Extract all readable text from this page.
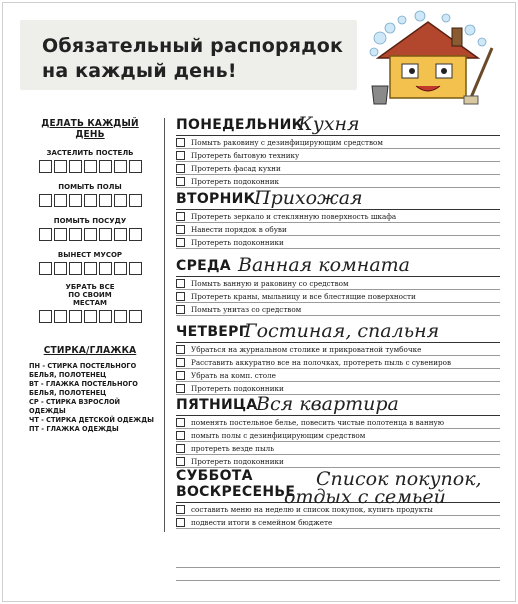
Обязательный распорядок
на каждый день!
ДЕЛАТЬ КАЖДЫЙ ДЕНЬ
ЗАСТЕЛИТЬ ПОСТЕЛЬ
ПОМЫТЬ ПОЛЫ
ПОМЫТЬ ПОСУДУ
ВЫНЕСТ МУСОР
УБРАТЬ ВСЕ ПО СВОИМ МЕСТАМ
СТИРКА/ГЛАЖКА
ПН - СТИРКА ПОСТЕЛЬНОГО БЕЛЬЯ, ПОЛОТЕНЕЦ
ВТ - ГЛАЖКА ПОСТЕЛЬНОГО БЕЛЬЯ, ПОЛОТЕНЕЦ
СР - СТИРКА ВЗРОСЛОЙ ОДЕЖДЫ
ЧТ - СТИРКА ДЕТСКОЙ ОДЕЖДЫ
ПТ - ГЛАЖКА ОДЕЖДЫ
ПОНЕДЕЛЬНИК
Кухня
Помыть раковину с дезинфицирующим средством
Протереть бытовую технику
Протереть фасад кухни
Протереть подоконник
ВТОРНИК
Прихожая
Протереть зеркало и стеклянную поверхность шкафа
Навести порядок в обуви
Протереть подоконники
СРЕДА Ванная комната
Помыть ванную и раковину со средством
Протереть краны, мыльницу и все блестящие поверхности
Помыть унитаз со средством
ЧЕТВЕРГ
Гостиная, спальня
Убраться на журнальном столике и прикроватной тумбочке
Расставить аккуратно все на полочках, протереть пыль с сувениров
Убрать на комп. столе
Протереть подоконники
ПЯТНИЦА
Вся квартира
поменять постельное белье, повесить чистые полотенца в ванную
помыть полы с дезинфицирующим средством
протереть везде пыль
Протереть подоконники
СУББОТА
ВОСКРЕСЕНЬЕ
Список покупок,
отдых с семьей
составить меню на неделю и список покупок, купить продукты
подвести итоги в семейном бюджете
